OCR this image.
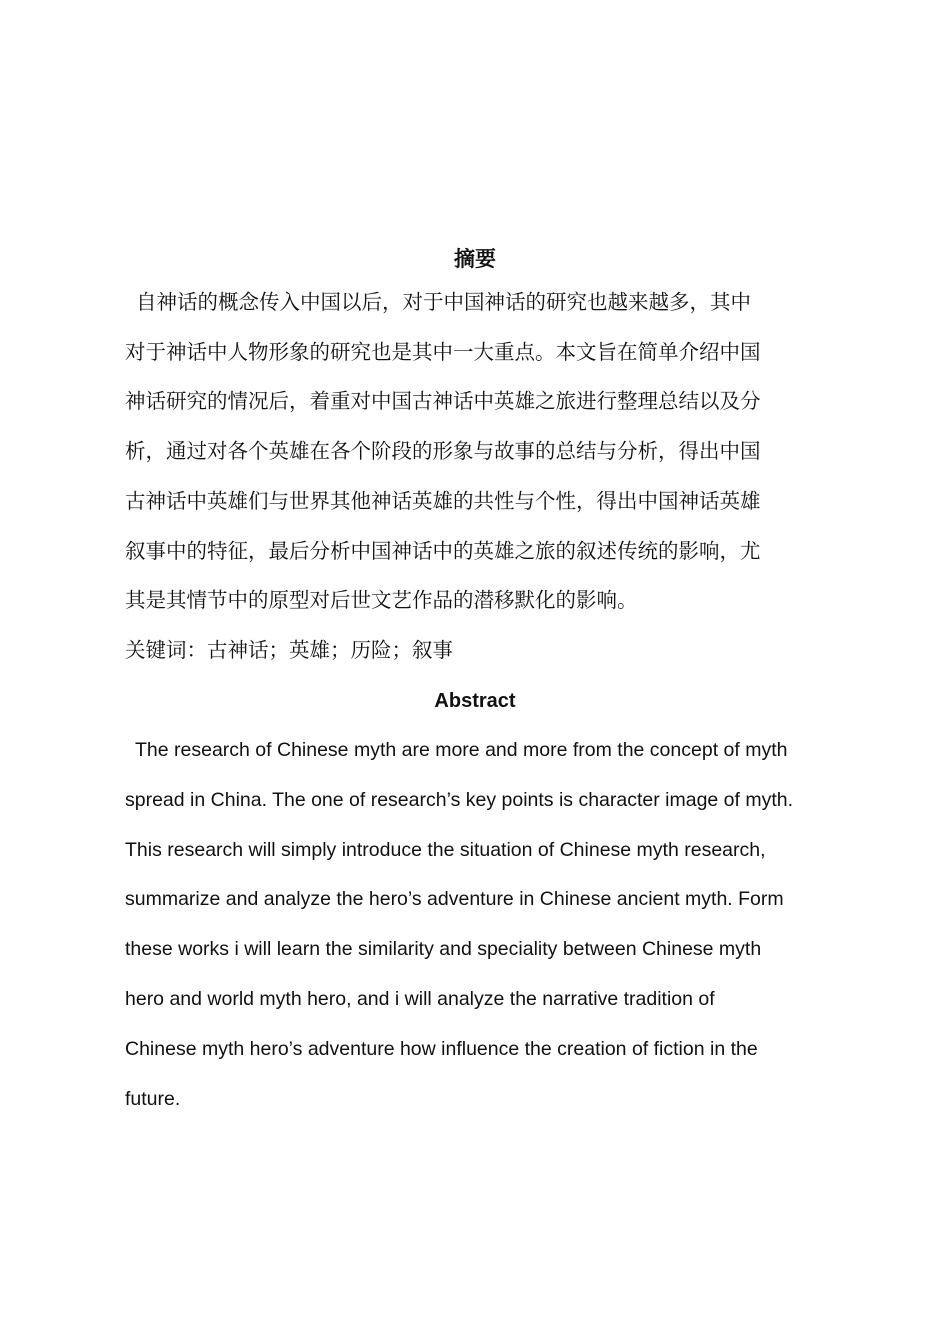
摘要

自神话的概念传入中国以后，对于中国神话的研究也越来越多，其中
对于神话中人物形象的研究也是其中一大重点。本文旨在简单介绍中国
神话研究的情况后，着重对中国古神话中英雄之旅进行整理总结以及分
析，通过对各个英雄在各个阶段的形象与故事的总结与分析，得出中国
古神话中英雄们与世界其他神话英雄的共性与个性，得出中国神话英雄
叙事中的特征，最后分析中国神话中的英雄之旅的叙述传统的影响，尤
其是其情节中的原型对后世文艺作品的潜移默化的影响。

关键词：古神话；英雄；历险；叙事

Abstract

The research of Chinese myth are more and more from the concept of myth
spread in China. The one of research’s key points is character image of myth.
This research will simply introduce the situation of Chinese myth research,
summarize and analyze the hero’s adventure in Chinese ancient myth. Form
these works i will learn the similarity and speciality between Chinese myth
hero and world myth hero, and i will analyze the narrative tradition of
Chinese myth hero’s adventure how influence the creation of fiction in the
future.
